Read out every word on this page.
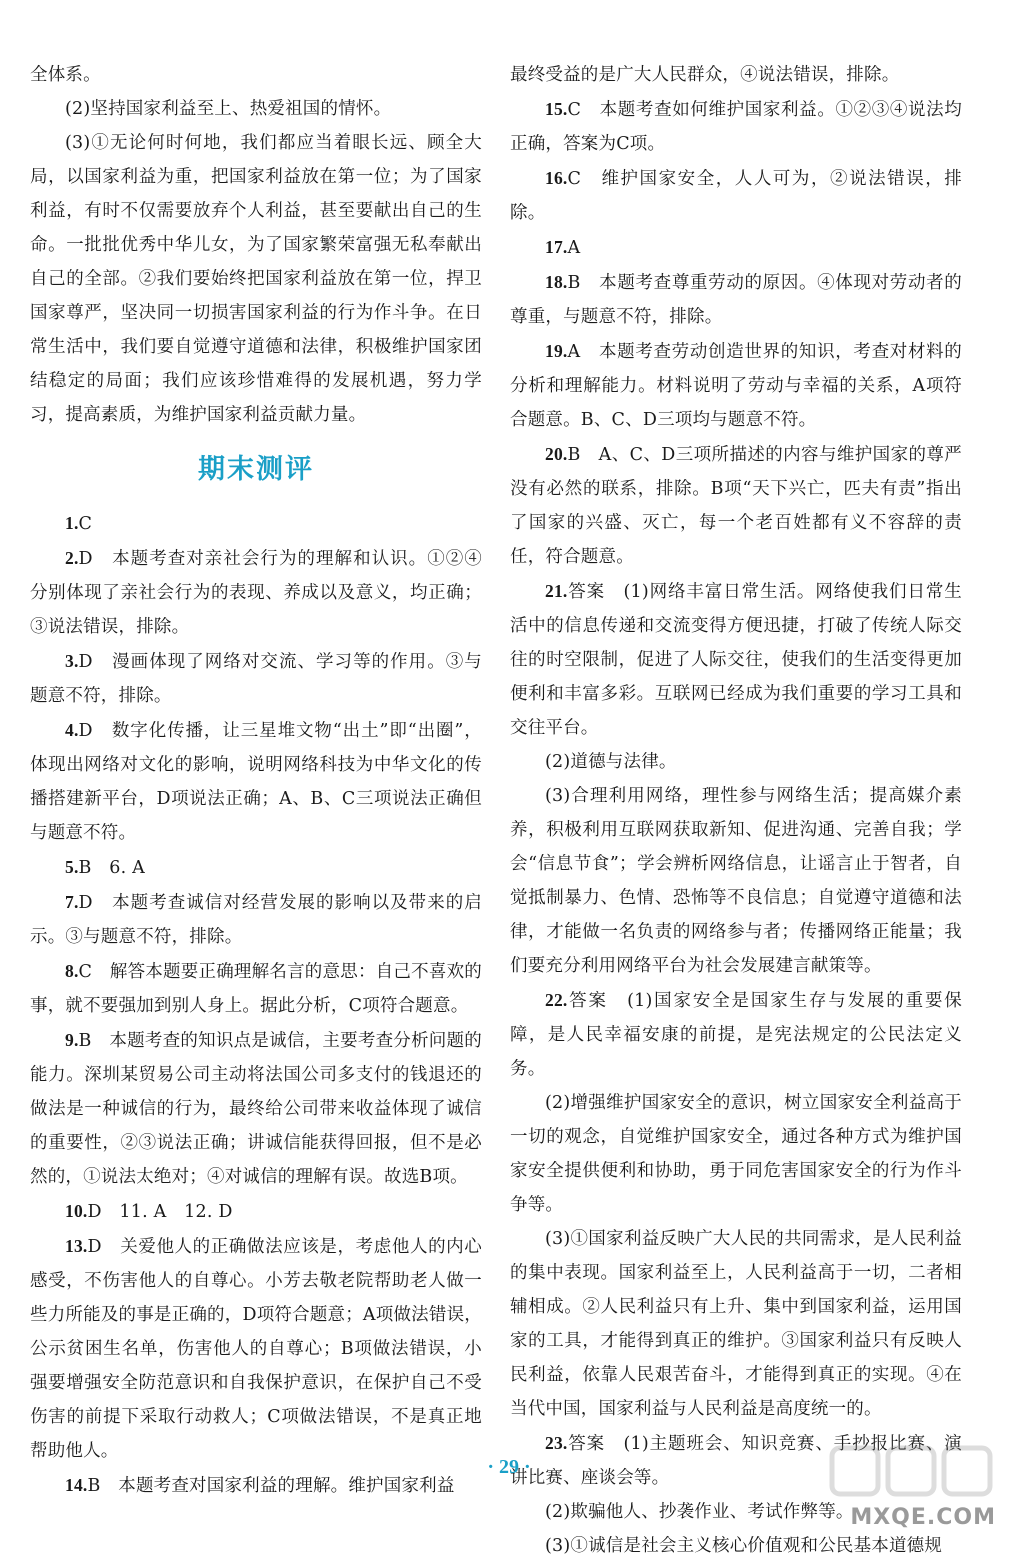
全体系。

(2)坚持国家利益至上、热爱祖国的情怀。

(3)①无论何时何地，我们都应当着眼长远、顾全大局，以国家利益为重，把国家利益放在第一位；为了国家利益，有时不仅需要放弃个人利益，甚至要献出自己的生命。一批批优秀中华儿女，为了国家繁荣富强无私奉献出自己的全部。②我们要始终把国家利益放在第一位，捍卫国家尊严，坚决同一切损害国家利益的行为作斗争。在日常生活中，我们要自觉遵守道德和法律，积极维护国家团结稳定的局面；我们应该珍惜难得的发展机遇，努力学习，提高素质，为维护国家利益贡献力量。

期末测评

1.C

2.D　本题考查对亲社会行为的理解和认识。①②④分别体现了亲社会行为的表现、养成以及意义，均正确；③说法错误，排除。

3.D　漫画体现了网络对交流、学习等的作用。③与题意不符，排除。

4.D　数字化传播，让三星堆文物“出土”即“出圈”，体现出网络对文化的影响，说明网络科技为中华文化的传播搭建新平台，D项说法正确；A、B、C三项说法正确但与题意不符。

5.B　6. A

7.D　本题考查诚信对经营发展的影响以及带来的启示。③与题意不符，排除。

8.C　解答本题要正确理解名言的意思：自己不喜欢的事，就不要强加到别人身上。据此分析，C项符合题意。

9.B　本题考查的知识点是诚信，主要考查分析问题的能力。深圳某贸易公司主动将法国公司多支付的钱退还的做法是一种诚信的行为，最终给公司带来收益体现了诚信的重要性，②③说法正确；讲诚信能获得回报，但不是必然的，①说法太绝对；④对诚信的理解有误。故选B项。

10.D　11. A　12. D

13.D　关爱他人的正确做法应该是，考虑他人的内心感受，不伤害他人的自尊心。小芳去敬老院帮助老人做一些力所能及的事是正确的，D项符合题意；A项做法错误，公示贫困生名单，伤害他人的自尊心；B项做法错误，小强要增强安全防范意识和自我保护意识，在保护自己不受伤害的前提下采取行动救人；C项做法错误，不是真正地帮助他人。

14.B　本题考查对国家利益的理解。维护国家利益

最终受益的是广大人民群众，④说法错误，排除。

15.C　本题考查如何维护国家利益。①②③④说法均正确，答案为C项。

16.C　维护国家安全，人人可为，②说法错误，排除。

17.A

18.B　本题考查尊重劳动的原因。④体现对劳动者的尊重，与题意不符，排除。

19.A　本题考查劳动创造世界的知识，考查对材料的分析和理解能力。材料说明了劳动与幸福的关系，A项符合题意。B、C、D三项均与题意不符。

20.B　A、C、D三项所描述的内容与维护国家的尊严没有必然的联系，排除。B项“天下兴亡，匹夫有责”指出了国家的兴盛、灭亡，每一个老百姓都有义不容辞的责任，符合题意。

21.答案　(1)网络丰富日常生活。网络使我们日常生活中的信息传递和交流变得方便迅捷，打破了传统人际交往的时空限制，促进了人际交往，使我们的生活变得更加便利和丰富多彩。互联网已经成为我们重要的学习工具和交往平台。

(2)道德与法律。

(3)合理利用网络，理性参与网络生活；提高媒介素养，积极利用互联网获取新知、促进沟通、完善自我；学会“信息节食”；学会辨析网络信息，让谣言止于智者，自觉抵制暴力、色情、恐怖等不良信息；自觉遵守道德和法律，才能做一名负责的网络参与者；传播网络正能量；我们要充分利用网络平台为社会发展建言献策等。

22.答案　(1)国家安全是国家生存与发展的重要保障，是人民幸福安康的前提，是宪法规定的公民法定义务。

(2)增强维护国家安全的意识，树立国家安全利益高于一切的观念，自觉维护国家安全，通过各种方式为维护国家安全提供便利和协助，勇于同危害国家安全的行为作斗争等。

(3)①国家利益反映广大人民的共同需求，是人民利益的集中表现。国家利益至上，人民利益高于一切，二者相辅相成。②人民利益只有上升、集中到国家利益，运用国家的工具，才能得到真正的维护。③国家利益只有反映人民利益，依靠人民艰苦奋斗，才能得到真正的实现。④在当代中国，国家利益与人民利益是高度统一的。

23.答案　(1)主题班会、知识竞赛、手抄报比赛、演讲比赛、座谈会等。

(2)欺骗他人、抄袭作业、考试作弊等。

(3)①诚信是社会主义核心价值观和公民基本道德规

· 29 ·
MXQE.COM
